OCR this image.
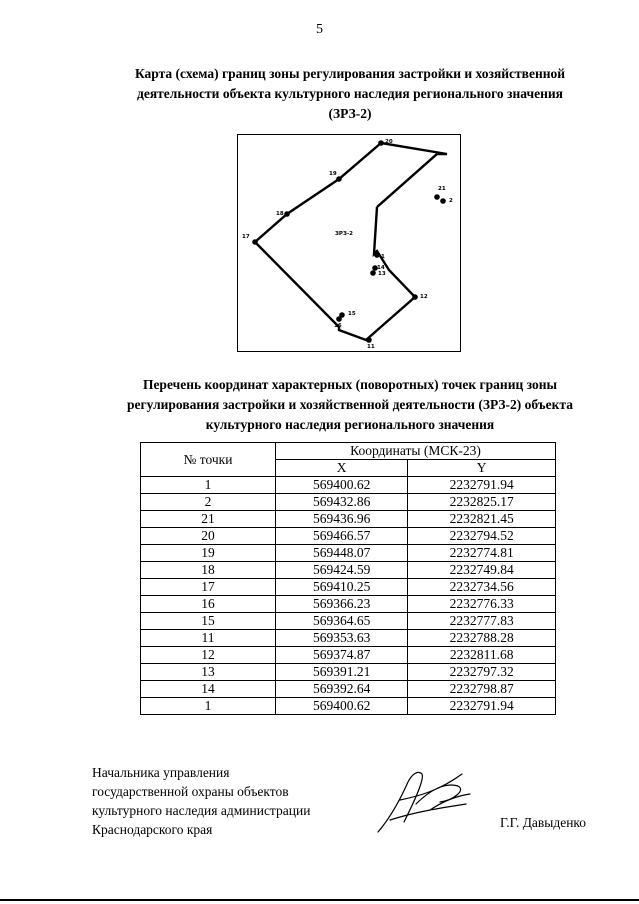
5
Карта (схема) границ зоны регулирования застройки и хозяйственной
деятельности объекта культурного наследия регионального значения
(ЗРЗ-2)
20
21
2
19
18
17
1
14
13
12
15
16
11
ЗРЗ-2
Перечень координат характерных (поворотных) точек границ зоны
регулирования застройки и хозяйственной деятельности (ЗРЗ-2) объекта
культурного наследия регионального значения
№ точки	Координаты (МСК-23)	
	X	Y
1	569400.62	2232791.94
2	569432.86	2232825.17
21	569436.96	2232821.45
20	569466.57	2232794.52
19	569448.07	2232774.81
18	569424.59	2232749.84
17	569410.25	2232734.56
16	569366.23	2232776.33
15	569364.65	2232777.83
11	569353.63	2232788.28
12	569374.87	2232811.68
13	569391.21	2232797.32
14	569392.64	2232798.87
1	569400.62	2232791.94
Начальника управления
государственной охраны объектов
культурного наследия администрации
Краснодарского края	Г.Г. Давыденко
